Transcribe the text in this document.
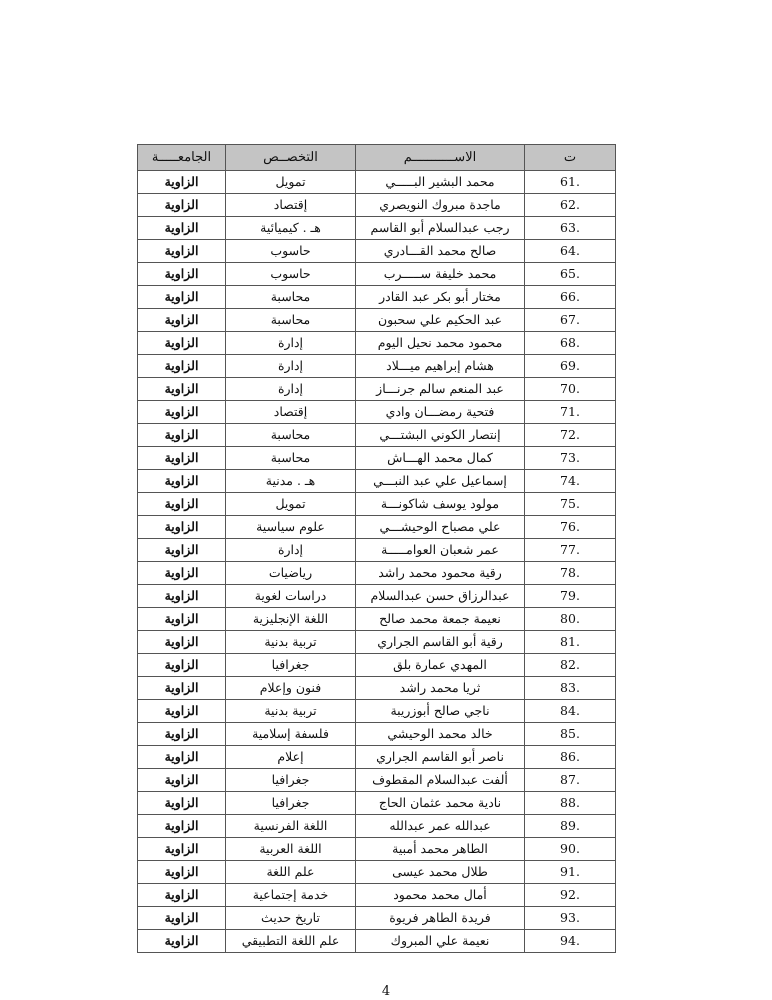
ت	الاســـــــــــم	التخصــص	الجامعـــــة
61.	محمد البشير البـــــي	تمويل	الزاوية
62.	ماجدة مبروك النويصري	إقتصاد	الزاوية
63.	رجب عبدالسلام أبو القاسم	هـ . كيميائية	الزاوية
64.	صالح محمد القـــادري	حاسوب	الزاوية
65.	محمد خليفة ســـــرب	حاسوب	الزاوية
66.	مختار أبو بكر عبد القادر	محاسبة	الزاوية
67.	عبد الحكيم علي سحبون	محاسبة	الزاوية
68.	محمود محمد نحيل اليوم	إدارة	الزاوية
69.	هشام إبراهيم ميـــلاد	إدارة	الزاوية
70.	عبد المنعم سالم جرنـــاز	إدارة	الزاوية
71.	فتحية رمضـــان وادي	إقتصاد	الزاوية
72.	إنتصار الكوني البشتـــي	محاسبة	الزاوية
73.	كمال محمد الهـــاش	محاسبة	الزاوية
74.	إسماعيل علي عبد النبـــي	هـ . مدنية	الزاوية
75.	مولود يوسف شاكونـــة	تمويل	الزاوية
76.	علي مصباح الوحيشـــي	علوم سياسية	الزاوية
77.	عمر شعبان العوامـــــة	إدارة	الزاوية
78.	رقية محمود محمد راشد	رياضيات	الزاوية
79.	عبدالرزاق حسن عبدالسلام	دراسات لغوية	الزاوية
80.	نعيمة جمعة محمد صالح	اللغة الإنجليزية	الزاوية
81.	رقية أبو القاسم الجراري	تربية بدنية	الزاوية
82.	المهدي عمارة بلق	جغرافيا	الزاوية
83.	ثريا محمد راشد	فنون وإعلام	الزاوية
84.	ناجي صالح أبوزريبة	تربية بدنية	الزاوية
85.	خالد محمد الوحيشي	فلسفة إسلامية	الزاوية
86.	ناصر أبو القاسم الجراري	إعلام	الزاوية
87.	ألفت عبدالسلام المقطوف	جغرافيا	الزاوية
88.	نادية محمد عثمان الحاج	جغرافيا	الزاوية
89.	عبدالله عمر عبدالله	اللغة الفرنسية	الزاوية
90.	الطاهر محمد أمبية	اللغة العربية	الزاوية
91.	طلال محمد عيسى	علم اللغة	الزاوية
92.	أمال محمد محمود	خدمة إجتماعية	الزاوية
93.	فريدة الطاهر فريوة	تاريخ حديث	الزاوية
94.	نعيمة علي المبروك	علم اللغة التطبيقي	الزاوية
4
